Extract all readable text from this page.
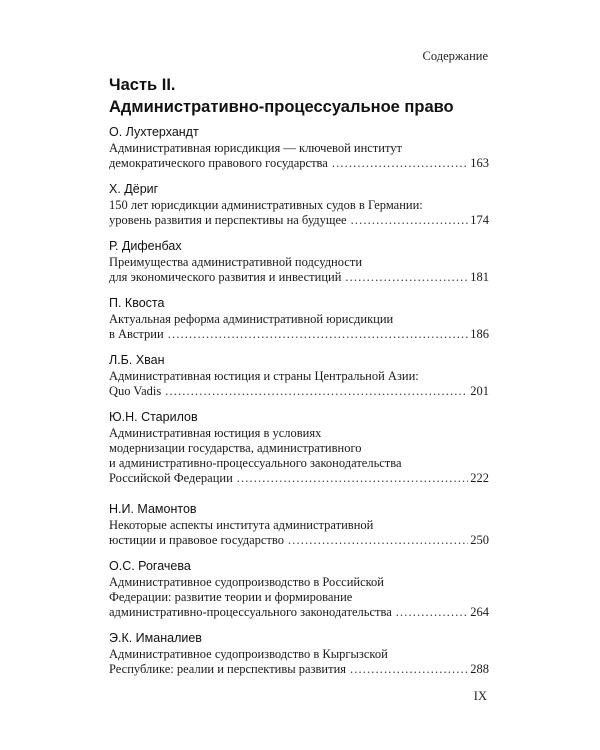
Содержание
Часть II.
Административно-процессуальное право
О. Лухтерхандт
Административная юрисдикция — ключевой институт
демократического правового государства . . .	163
Х. Дёриг
150 лет юрисдикции административных судов в Германии:
уровень развития и перспективы на будущее . . .	174
Р. Дифенбах
Преимущества административной подсудности
для экономического развития и инвестиций . . .	181
П. Квоста
Актуальная реформа административной юрисдикции
в Австрии . . .	186
Л.Б. Хван
Административная юстиция и страны Центральной Азии:
Quo Vadis . . .	201
Ю.Н. Старилов
Административная юстиция в условиях
модернизации государства, административного
и административно-процессуального законодательства
Российской Федерации . . .	222
Н.И. Мамонтов
Некоторые аспекты института административной
юстиции и правовое государство . . .	250
О.С. Рогачева
Административное судопроизводство в Российской
Федерации: развитие теории и формирование
административно-процессуального законодательства . . .	264
Э.К. Иманалиев
Административное судопроизводство в Кыргызской
Республике: реалии и перспективы развития . . .	288
IX
